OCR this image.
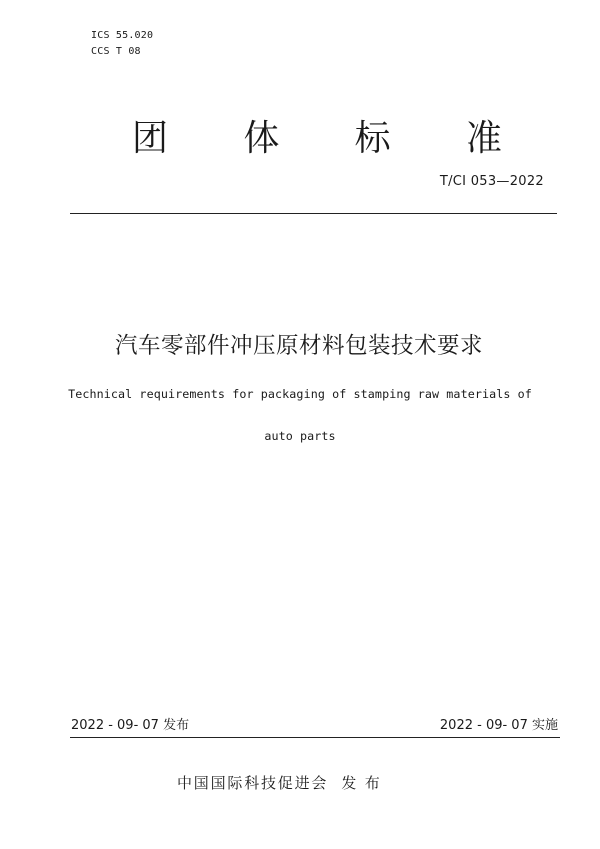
ICS 55.020
CCS T 08
团 体 标 准
T/CI 053—2022
汽车零部件冲压原材料包装技术要求
Technical requirements for packaging of stamping raw materials of
auto parts
2022 - 09- 07 发布	2022 - 09- 07 实施
中国国际科技促进会  发 布
